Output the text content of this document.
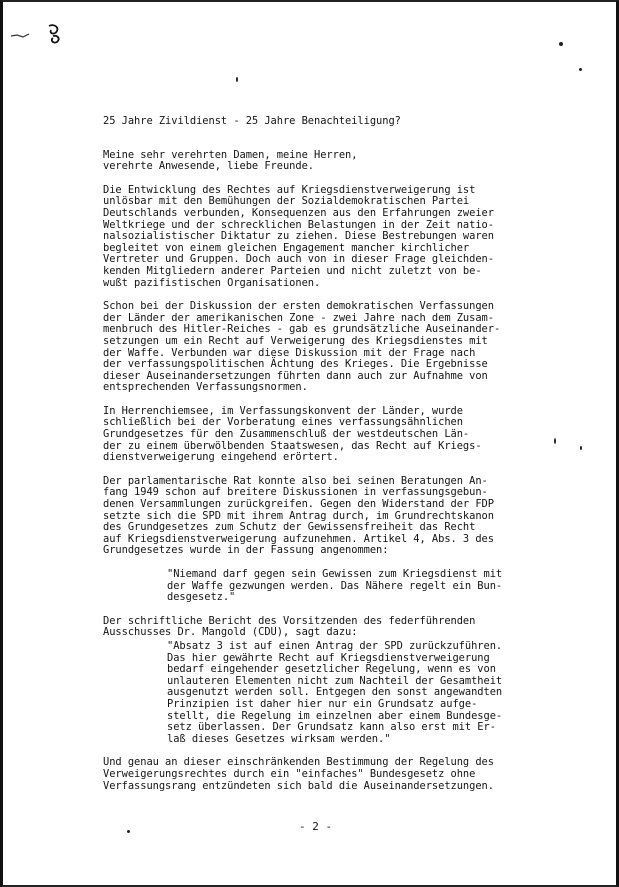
25 Jahre Zivildienst - 25 Jahre Benachteiligung?
Meine sehr verehrten Damen, meine Herren,
verehrte Anwesende, liebe Freunde.
Die Entwicklung des Rechtes auf Kriegsdienstverweigerung ist
unlösbar mit den Bemühungen der Sozialdemokratischen Partei
Deutschlands verbunden, Konsequenzen aus den Erfahrungen zweier
Weltkriege und der schrecklichen Belastungen in der Zeit natio-
nalsozialistischer Diktatur zu ziehen. Diese Bestrebungen waren
begleitet von einem gleichen Engagement mancher kirchlicher
Vertreter und Gruppen. Doch auch von in dieser Frage gleichden-
kenden Mitgliedern anderer Parteien und nicht zuletzt von be-
wußt pazifistischen Organisationen.
Schon bei der Diskussion der ersten demokratischen Verfassungen
der Länder der amerikanischen Zone - zwei Jahre nach dem Zusam-
menbruch des Hitler-Reiches - gab es grundsätzliche Auseinander-
setzungen um ein Recht auf Verweigerung des Kriegsdienstes mit
der Waffe. Verbunden war diese Diskussion mit der Frage nach
der verfassungspolitischen Ächtung des Krieges. Die Ergebnisse
dieser Auseinandersetzungen führten dann auch zur Aufnahme von
entsprechenden Verfassungsnormen.
In Herrenchiemsee, im Verfassungskonvent der Länder, wurde
schließlich bei der Vorberatung eines verfassungsähnlichen
Grundgesetzes für den Zusammenschluß der westdeutschen Län-
der zu einem überwölbenden Staatswesen, das Recht auf Kriegs-
dienstverweigerung eingehend erörtert.
Der parlamentarische Rat konnte also bei seinen Beratungen An-
fang 1949 schon auf breitere Diskussionen in verfassungsgebun-
denen Versammlungen zurückgreifen. Gegen den Widerstand der FDP
setzte sich die SPD mit ihrem Antrag durch, im Grundrechtskanon
des Grundgesetzes zum Schutz der Gewissensfreiheit das Recht
auf Kriegsdienstverweigerung aufzunehmen. Artikel 4, Abs. 3 des
Grundgesetzes wurde in der Fassung angenommen:
"Niemand darf gegen sein Gewissen zum Kriegsdienst mit
der Waffe gezwungen werden. Das Nähere regelt ein Bun-
desgesetz."
Der schriftliche Bericht des Vorsitzenden des federführenden
Ausschusses Dr. Mangold (CDU), sagt dazu:
"Absatz 3 ist auf einen Antrag der SPD zurückzuführen.
Das hier gewährte Recht auf Kriegsdienstverweigerung
bedarf eingehender gesetzlicher Regelung, wenn es von
unlauteren Elementen nicht zum Nachteil der Gesamtheit
ausgenutzt werden soll. Entgegen den sonst angewandten
Prinzipien ist daher hier nur ein Grundsatz aufge-
stellt, die Regelung im einzelnen aber einem Bundesge-
setz überlassen. Der Grundsatz kann also erst mit Er-
laß dieses Gesetzes wirksam werden."
Und genau an dieser einschränkenden Bestimmung der Regelung des
Verweigerungsrechtes durch ein "einfaches" Bundesgesetz ohne
Verfassungsrang entzündeten sich bald die Auseinandersetzungen.
- 2 -
